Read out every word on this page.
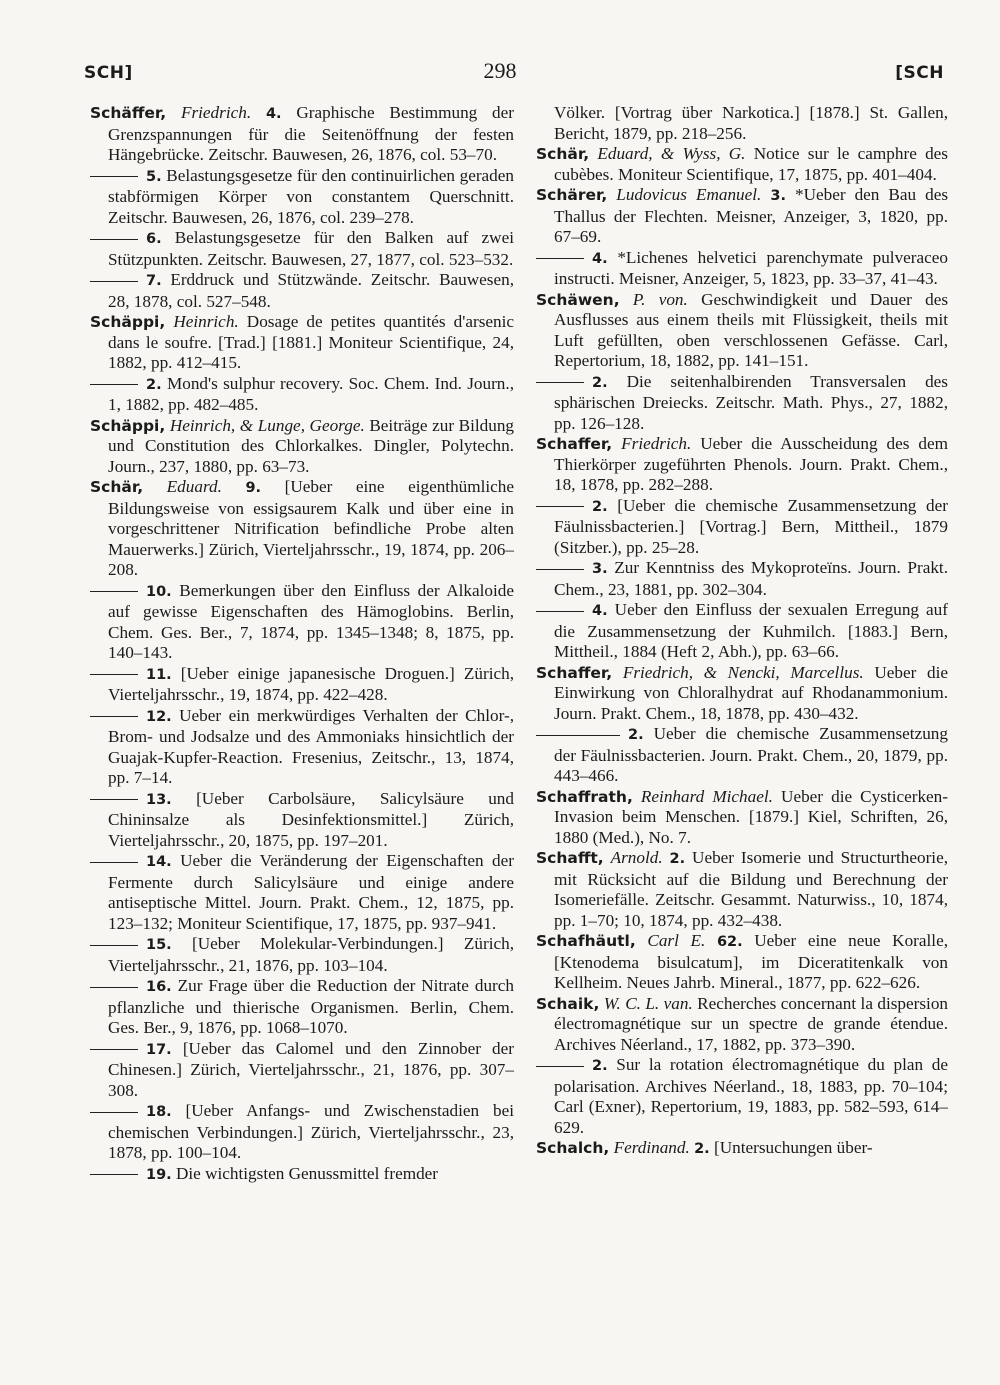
SCH]	298	[SCH

Schäffer, Friedrich. 4. Graphische Bestimmung der Grenzspannungen für die Seitenöffnung der festen Hängebrücke. Zeitschr. Bauwesen, 26, 1876, col. 53–70.

5. Belastungsgesetze für den continuirlichen geraden stabförmigen Körper von constantem Querschnitt. Zeitschr. Bauwesen, 26, 1876, col. 239–278.

6. Belastungsgesetze für den Balken auf zwei Stützpunkten. Zeitschr. Bauwesen, 27, 1877, col. 523–532.

7. Erddruck und Stützwände. Zeitschr. Bauwesen, 28, 1878, col. 527–548.

Schäppi, Heinrich. Dosage de petites quantités d'arsenic dans le soufre. [Trad.] [1881.] Moniteur Scientifique, 24, 1882, pp. 412–415.

2. Mond's sulphur recovery. Soc. Chem. Ind. Journ., 1, 1882, pp. 482–485.

Schäppi, Heinrich, & Lunge, George. Beiträge zur Bildung und Constitution des Chlorkalkes. Dingler, Polytechn. Journ., 237, 1880, pp. 63–73.

Schär, Eduard. 9. [Ueber eine eigenthümliche Bildungsweise von essigsaurem Kalk und über eine in vorgeschrittener Nitrification befindliche Probe alten Mauerwerks.] Zürich, Vierteljahrsschr., 19, 1874, pp. 206–208.

10. Bemerkungen über den Einfluss der Alkaloide auf gewisse Eigenschaften des Hämoglobins. Berlin, Chem. Ges. Ber., 7, 1874, pp. 1345–1348; 8, 1875, pp. 140–143.

11. [Ueber einige japanesische Droguen.] Zürich, Vierteljahrsschr., 19, 1874, pp. 422–428.

12. Ueber ein merkwürdiges Verhalten der Chlor-, Brom- und Jodsalze und des Ammoniaks hinsichtlich der Guajak-Kupfer-Reaction. Fresenius, Zeitschr., 13, 1874, pp. 7–14.

13. [Ueber Carbolsäure, Salicylsäure und Chininsalze als Desinfektionsmittel.] Zürich, Vierteljahrsschr., 20, 1875, pp. 197–201.

14. Ueber die Veränderung der Eigenschaften der Fermente durch Salicylsäure und einige andere antiseptische Mittel. Journ. Prakt. Chem., 12, 1875, pp. 123–132; Moniteur Scientifique, 17, 1875, pp. 937–941.

15. [Ueber Molekular-Verbindungen.] Zürich, Vierteljahrsschr., 21, 1876, pp. 103–104.

16. Zur Frage über die Reduction der Nitrate durch pflanzliche und thierische Organismen. Berlin, Chem. Ges. Ber., 9, 1876, pp. 1068–1070.

17. [Ueber das Calomel und den Zinnober der Chinesen.] Zürich, Vierteljahrsschr., 21, 1876, pp. 307–308.

18. [Ueber Anfangs- und Zwischenstadien bei chemischen Verbindungen.] Zürich, Vierteljahrsschr., 23, 1878, pp. 100–104.

19. Die wichtigsten Genussmittel fremder

Völker. [Vortrag über Narkotica.] [1878.] St. Gallen, Bericht, 1879, pp. 218–256.

Schär, Eduard, & Wyss, G. Notice sur le camphre des cubèbes. Moniteur Scientifique, 17, 1875, pp. 401–404.

Schärer, Ludovicus Emanuel. 3. *Ueber den Bau des Thallus der Flechten. Meisner, Anzeiger, 3, 1820, pp. 67–69.

4. *Lichenes helvetici parenchymate pulveraceo instructi. Meisner, Anzeiger, 5, 1823, pp. 33–37, 41–43.

Schäwen, P. von. Geschwindigkeit und Dauer des Ausflusses aus einem theils mit Flüssigkeit, theils mit Luft gefüllten, oben verschlossenen Gefässe. Carl, Repertorium, 18, 1882, pp. 141–151.

2. Die seitenhalbirenden Transversalen des sphärischen Dreiecks. Zeitschr. Math. Phys., 27, 1882, pp. 126–128.

Schaffer, Friedrich. Ueber die Ausscheidung des dem Thierkörper zugeführten Phenols. Journ. Prakt. Chem., 18, 1878, pp. 282–288.

2. [Ueber die chemische Zusammensetzung der Fäulnissbacterien.] [Vortrag.] Bern, Mittheil., 1879 (Sitzber.), pp. 25–28.

3. Zur Kenntniss des Mykoproteïns. Journ. Prakt. Chem., 23, 1881, pp. 302–304.

4. Ueber den Einfluss der sexualen Erregung auf die Zusammensetzung der Kuhmilch. [1883.] Bern, Mittheil., 1884 (Heft 2, Abh.), pp. 63–66.

Schaffer, Friedrich, & Nencki, Marcellus. Ueber die Einwirkung von Chloralhydrat auf Rhodanammonium. Journ. Prakt. Chem., 18, 1878, pp. 430–432.

2. Ueber die chemische Zusammensetzung der Fäulnissbacterien. Journ. Prakt. Chem., 20, 1879, pp. 443–466.

Schaffrath, Reinhard Michael. Ueber die Cysticerken-Invasion beim Menschen. [1879.] Kiel, Schriften, 26, 1880 (Med.), No. 7.

Schafft, Arnold. 2. Ueber Isomerie und Structurtheorie, mit Rücksicht auf die Bildung und Berechnung der Isomeriefälle. Zeitschr. Gesammt. Naturwiss., 10, 1874, pp. 1–70; 10, 1874, pp. 432–438.

Schafhäutl, Carl E. 62. Ueber eine neue Koralle, [Ktenodema bisulcatum], im Diceratitenkalk von Kellheim. Neues Jahrb. Mineral., 1877, pp. 622–626.

Schaik, W. C. L. van. Recherches concernant la dispersion électromagnétique sur un spectre de grande étendue. Archives Néerland., 17, 1882, pp. 373–390.

2. Sur la rotation électromagnétique du plan de polarisation. Archives Néerland., 18, 1883, pp. 70–104; Carl (Exner), Repertorium, 19, 1883, pp. 582–593, 614–629.

Schalch, Ferdinand. 2. [Untersuchungen über-
